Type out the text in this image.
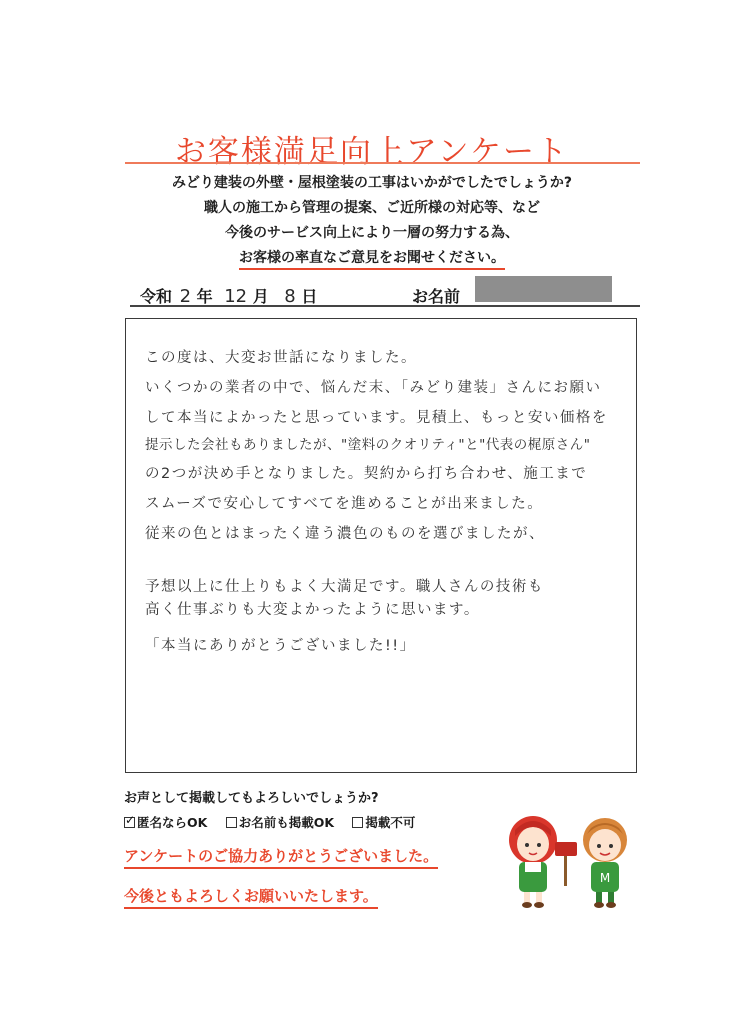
お客様満足向上アンケート
みどり建装の外壁・屋根塗装の工事はいかがでしたでしょうか?
職人の施工から管理の提案、ご近所様の対応等、など
今後のサービス向上により一層の努力する為、
お客様の率直なご意見をお聞せください。
令和 2 年 12 月 8 日	お名前
この度は、大変お世話になりました。
いくつかの業者の中で、悩んだ末、「みどり建装」さんにお願い
して本当によかったと思っています。見積上、もっと安い価格を
提示した会社もありましたが、"塗料のクオリティ"と"代表の梶原さん"
の2つが決め手となりました。契約から打ち合わせ、施工まで
スムーズで安心してすべてを進めることが出来ました。
従来の色とはまったく違う濃色のものを選びましたが、
予想以上に仕上りもよく大満足です。職人さんの技術も
高く仕事ぶりも大変よかったように思います。
「本当にありがとうございました!!」
お声として掲載してもよろしいでしょうか?
✓匿名ならOK	お名前も掲載OK	掲載不可
アンケートのご協力ありがとうございました。
今後ともよろしくお願いいたします。
M
